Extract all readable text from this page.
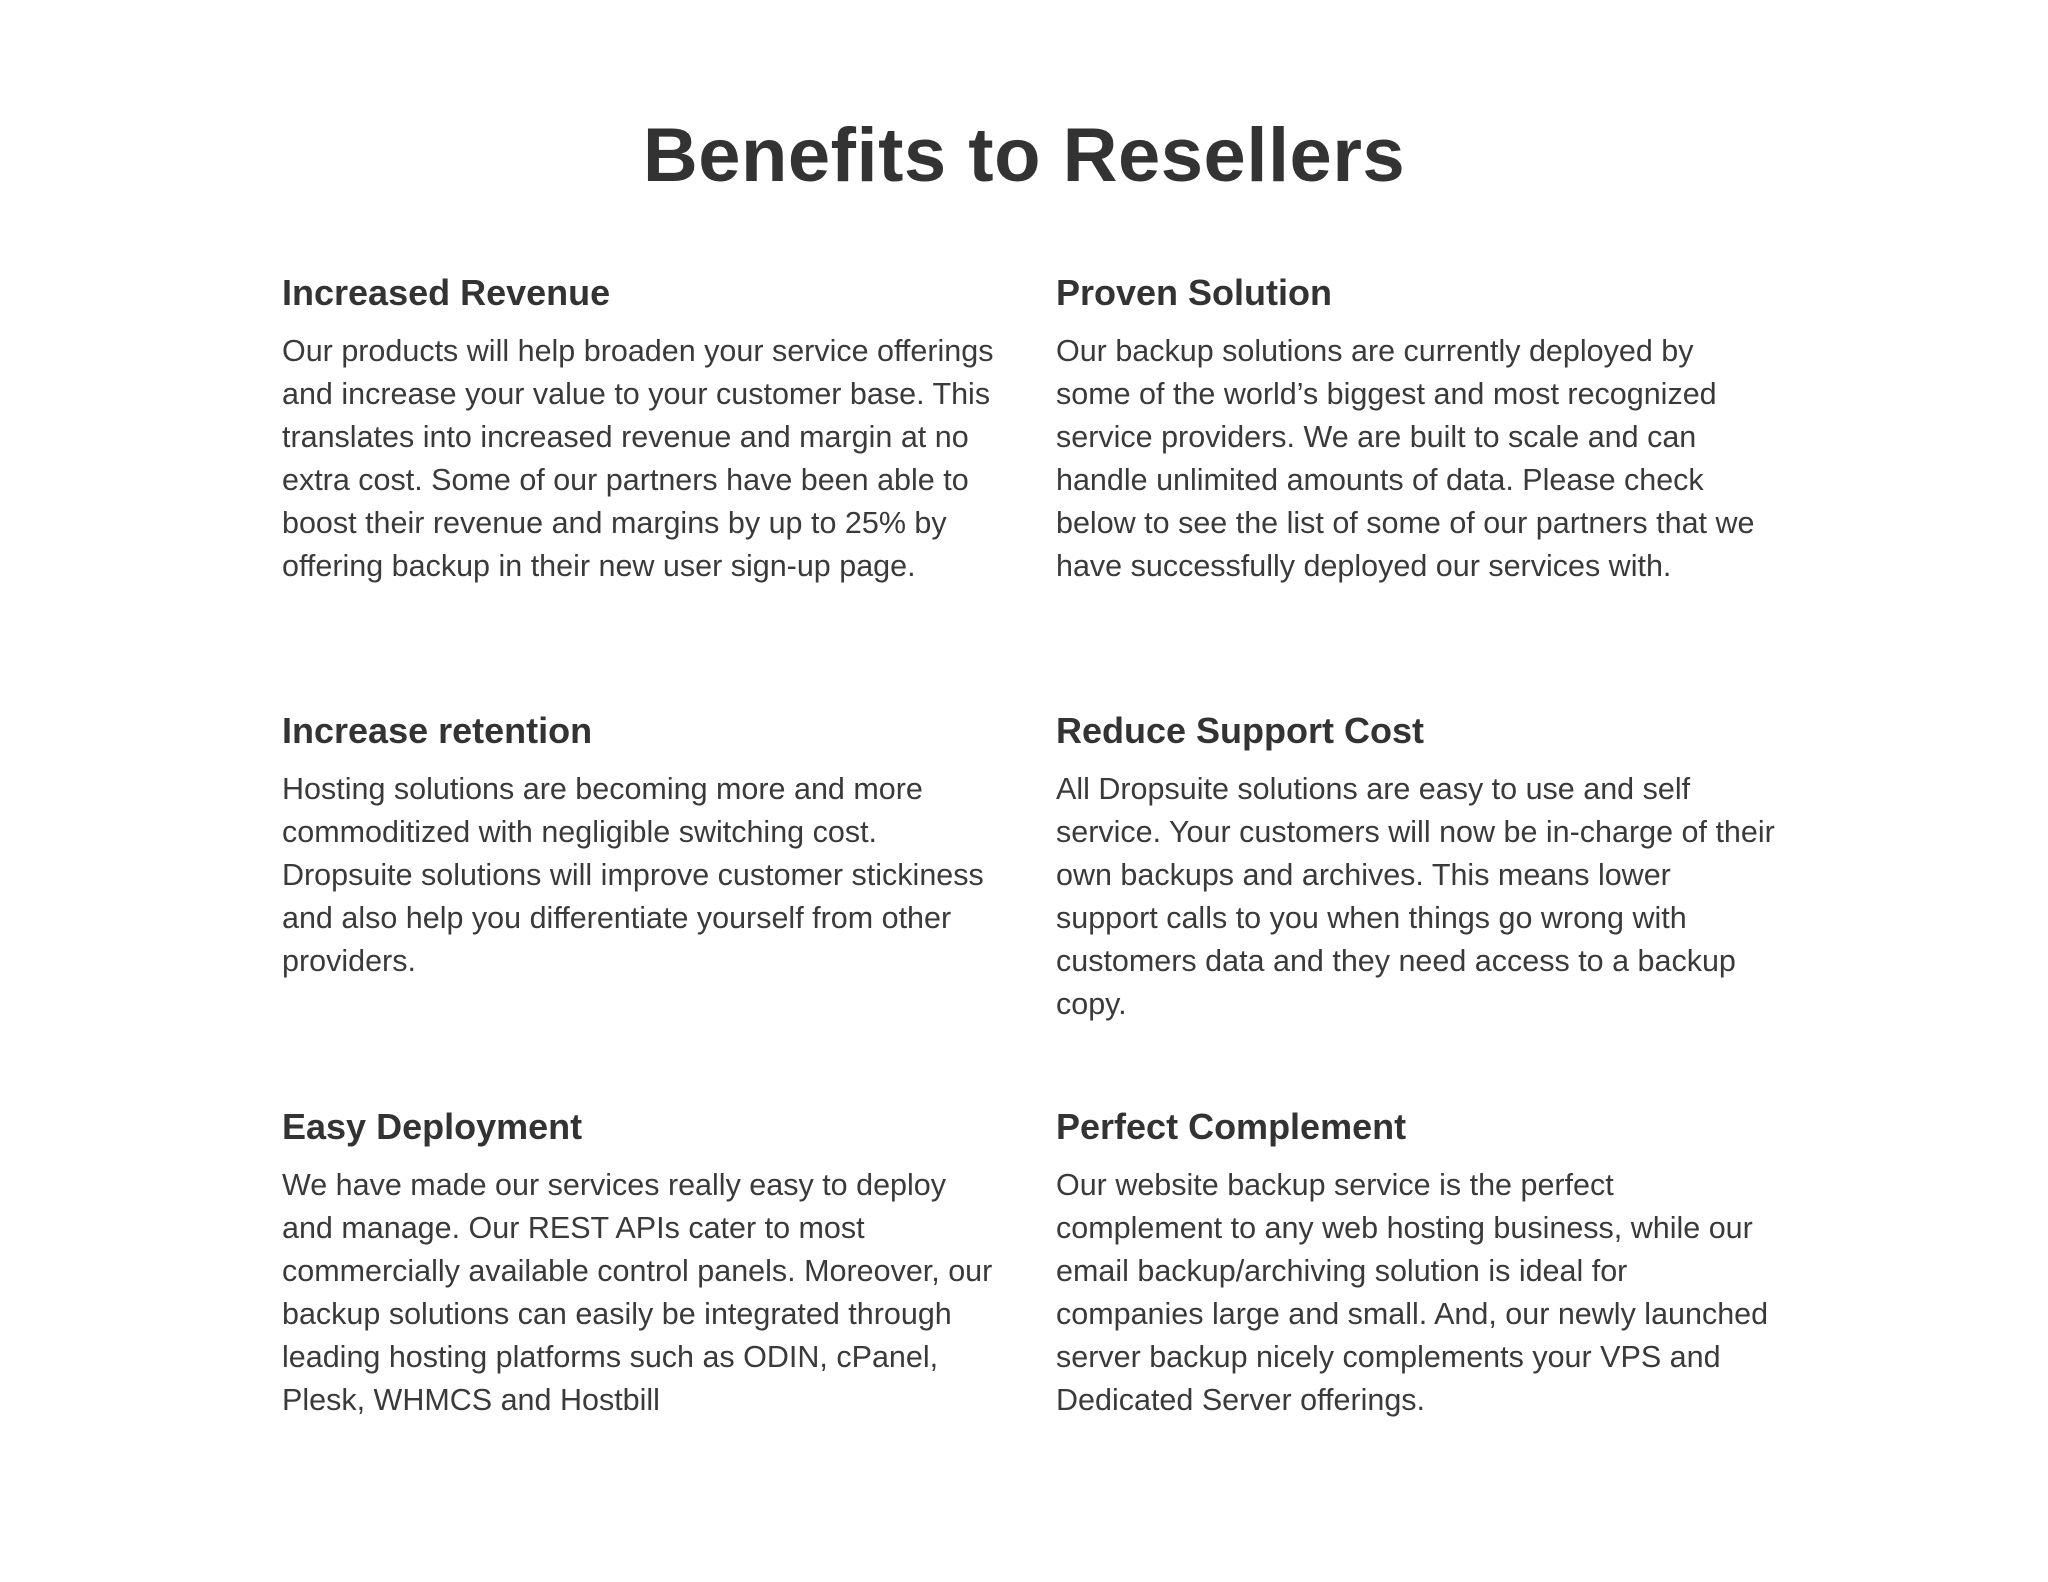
Benefits to Resellers
Increased Revenue

Our products will help broaden your service offerings and increase your value to your customer base. This translates into increased revenue and margin at no extra cost. Some of our partners have been able to boost their revenue and margins by up to 25% by offering backup in their new user sign-up page.

Proven Solution

Our backup solutions are currently deployed by some of the world’s biggest and most recognized service providers. We are built to scale and can handle unlimited amounts of data. Please check below to see the list of some of our partners that we have successfully deployed our services with.

Increase retention

Hosting solutions are becoming more and more commoditized with negligible switching cost. Dropsuite solutions will improve customer stickiness and also help you differentiate yourself from other providers.

Reduce Support Cost

All Dropsuite solutions are easy to use and self service. Your customers will now be in-charge of their own backups and archives. This means lower support calls to you when things go wrong with customers data and they need access to a backup copy.

Easy Deployment

We have made our services really easy to deploy and manage. Our REST APIs cater to most commercially available control panels. Moreover, our backup solutions can easily be integrated through leading hosting platforms such as ODIN, cPanel, Plesk, WHMCS and Hostbill

Perfect Complement

Our website backup service is the perfect complement to any web hosting business, while our email backup/archiving solution is ideal for companies large and small. And, our newly launched server backup nicely complements your VPS and Dedicated Server offerings.
